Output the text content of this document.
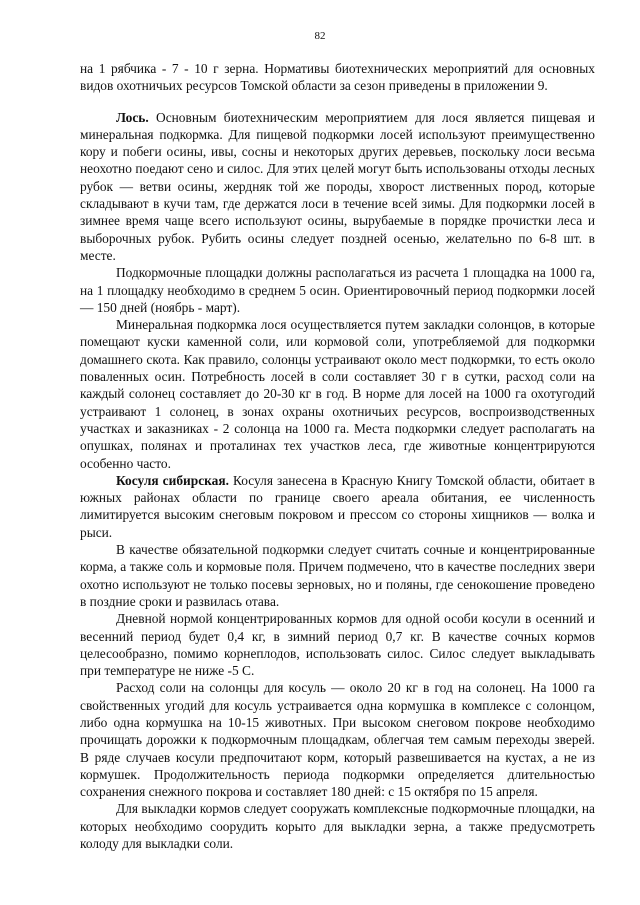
82

на 1 рябчика - 7 - 10 г зерна. Нормативы биотехнических мероприятий для основных видов охотничьих ресурсов Томской области за сезон приведены в приложении 9.

Лось. Основным биотехническим мероприятием для лося является пищевая и минеральная подкормка. Для пищевой подкормки лосей используют преимущественно кору и побеги осины, ивы, сосны и некоторых других деревьев, поскольку лоси весьма неохотно поедают сено и силос. Для этих целей могут быть использованы отходы лесных рубок — ветви осины, жердняк той же породы, хворост лиственных пород, которые складывают в кучи там, где держатся лоси в течение всей зимы. Для подкормки лосей в зимнее время чаще всего используют осины, вырубаемые в порядке прочистки леса и выборочных рубок. Рубить осины следует поздней осенью, желательно по 6-8 шт. в месте.

Подкормочные площадки должны располагаться из расчета 1 площадка на 1000 га, на 1 площадку необходимо в среднем 5 осин. Ориентировочный период подкормки лосей — 150 дней (ноябрь - март).

Минеральная подкормка лося осуществляется путем закладки солонцов, в которые помещают куски каменной соли, или кормовой соли, употребляемой для подкормки домашнего скота. Как правило, солонцы устраивают около мест подкормки, то есть около поваленных осин. Потребность лосей в соли составляет 30 г в сутки, расход соли на каждый солонец составляет до 20-30 кг в год. В норме для лосей на 1000 га охотугодий устраивают 1 солонец, в зонах охраны охотничьих ресурсов, воспроизводственных участках и заказниках - 2 солонца на 1000 га. Места подкормки следует располагать на опушках, полянах и проталинах тех участков леса, где животные концентрируются особенно часто.

Косуля сибирская. Косуля занесена в Красную Книгу Томской области, обитает в южных районах области по границе своего ареала обитания, ее численность лимитируется высоким снеговым покровом и прессом со стороны хищников — волка и рыси.

В качестве обязательной подкормки следует считать сочные и концентрированные корма, а также соль и кормовые поля. Причем подмечено, что в качестве последних звери охотно используют не только посевы зерновых, но и поляны, где сенокошение проведено в поздние сроки и развилась отава.

Дневной нормой концентрированных кормов для одной особи косули в осенний и весенний период будет 0,4 кг, в зимний период 0,7 кг. В качестве сочных кормов целесообразно, помимо корнеплодов, использовать силос. Силос следует выкладывать при температуре не ниже -5 С.

Расход соли на солонцы для косуль — около 20 кг в год на солонец. На 1000 га свойственных угодий для косуль устраивается одна кормушка в комплексе с солонцом, либо одна кормушка на 10-15 животных. При высоком снеговом покрове необходимо прочищать дорожки к подкормочным площадкам, облегчая тем самым переходы зверей. В ряде случаев косули предпочитают корм, который развешивается на кустах, а не из кормушек. Продолжительность периода подкормки определяется длительностью сохранения снежного покрова и составляет 180 дней: с 15 октября по 15 апреля.

Для выкладки кормов следует сооружать комплексные подкормочные площадки, на которых необходимо соорудить корыто для выкладки зерна, а также предусмотреть колоду для выкладки соли.
